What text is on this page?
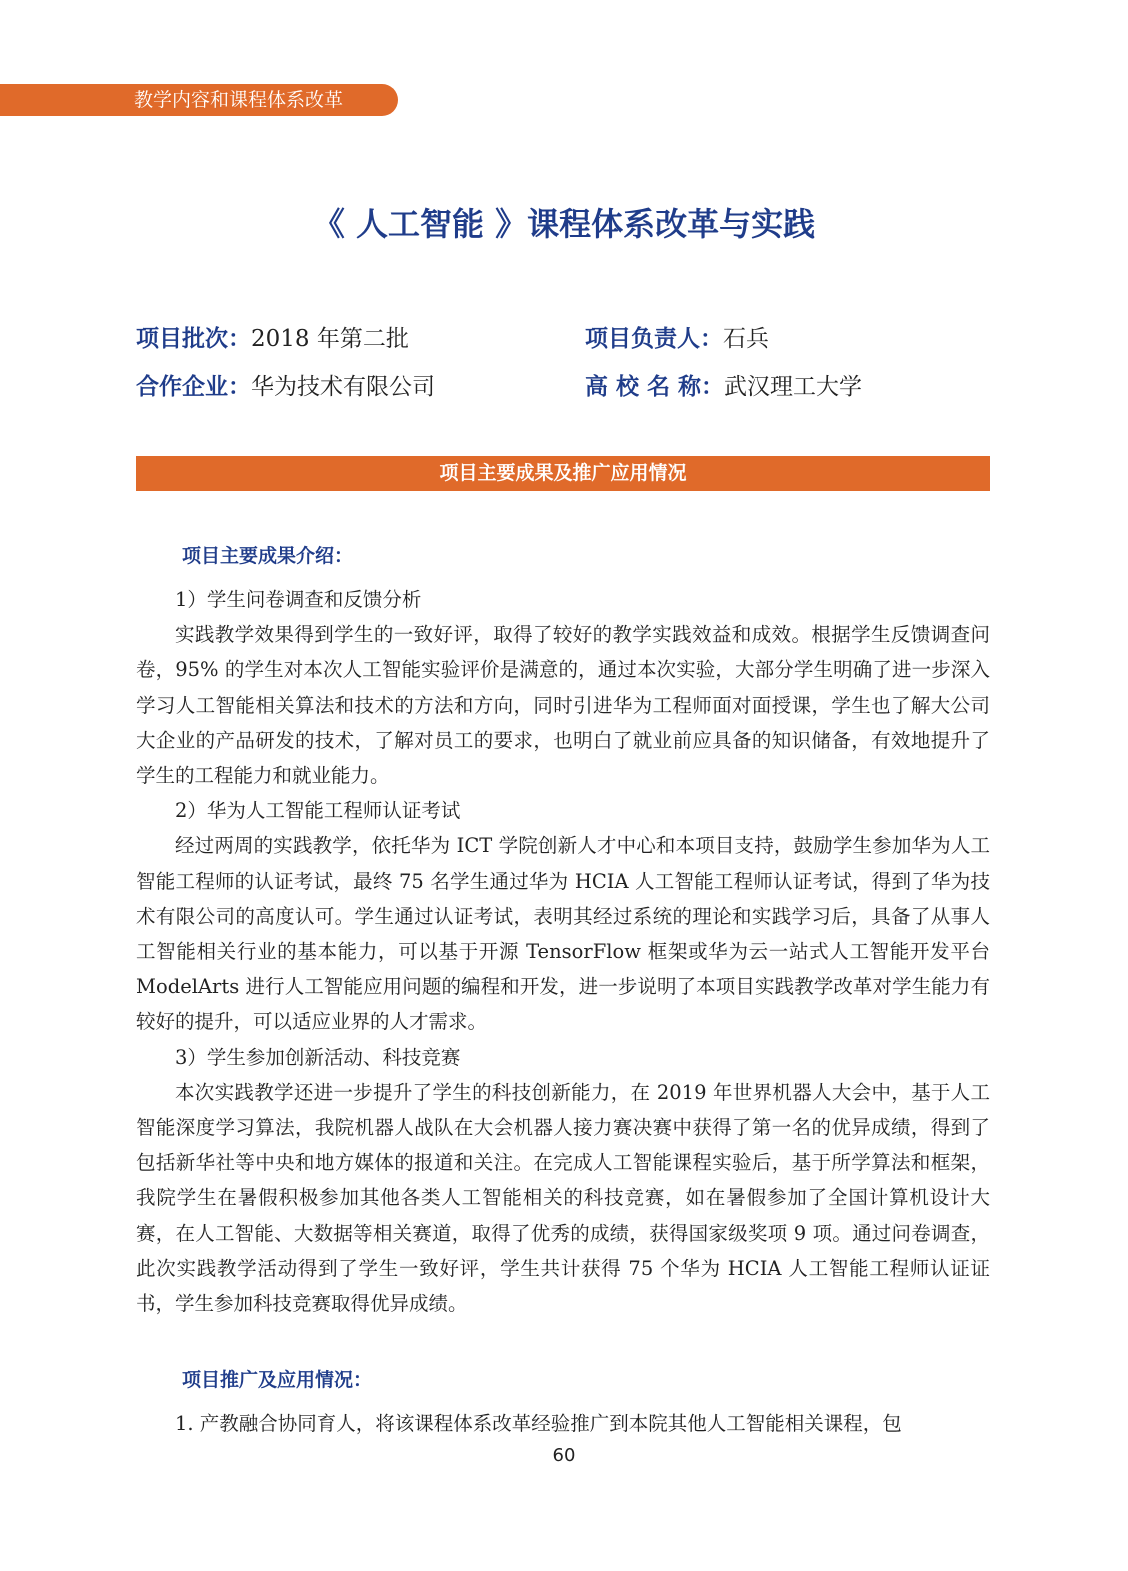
教学内容和课程体系改革
《 人工智能 》课程体系改革与实践
项目批次：2018 年第二批	项目负责人：石兵
合作企业：华为技术有限公司	高 校 名 称：武汉理工大学
项目主要成果及推广应用情况
项目主要成果介绍：

1）学生问卷调查和反馈分析

实践教学效果得到学生的一致好评，取得了较好的教学实践效益和成效。根据学生反馈调查问卷，95% 的学生对本次人工智能实验评价是满意的，通过本次实验，大部分学生明确了进一步深入学习人工智能相关算法和技术的方法和方向，同时引进华为工程师面对面授课，学生也了解大公司大企业的产品研发的技术，了解对员工的要求，也明白了就业前应具备的知识储备，有效地提升了学生的工程能力和就业能力。

2）华为人工智能工程师认证考试

经过两周的实践教学，依托华为 ICT 学院创新人才中心和本项目支持，鼓励学生参加华为人工智能工程师的认证考试，最终 75 名学生通过华为 HCIA 人工智能工程师认证考试，得到了华为技术有限公司的高度认可。学生通过认证考试，表明其经过系统的理论和实践学习后，具备了从事人工智能相关行业的基本能力，可以基于开源 TensorFlow 框架或华为云一站式人工智能开发平台 ModelArts 进行人工智能应用问题的编程和开发，进一步说明了本项目实践教学改革对学生能力有较好的提升，可以适应业界的人才需求。

3）学生参加创新活动、科技竞赛

本次实践教学还进一步提升了学生的科技创新能力，在 2019 年世界机器人大会中，基于人工智能深度学习算法，我院机器人战队在大会机器人接力赛决赛中获得了第一名的优异成绩，得到了包括新华社等中央和地方媒体的报道和关注。在完成人工智能课程实验后，基于所学算法和框架，我院学生在暑假积极参加其他各类人工智能相关的科技竞赛，如在暑假参加了全国计算机设计大赛，在人工智能、大数据等相关赛道，取得了优秀的成绩，获得国家级奖项 9 项。通过问卷调查，此次实践教学活动得到了学生一致好评，学生共计获得 75 个华为 HCIA 人工智能工程师认证证书，学生参加科技竞赛取得优异成绩。

项目推广及应用情况：
1. 产教融合协同育人，将该课程体系改革经验推广到本院其他人工智能相关课程，包
60
